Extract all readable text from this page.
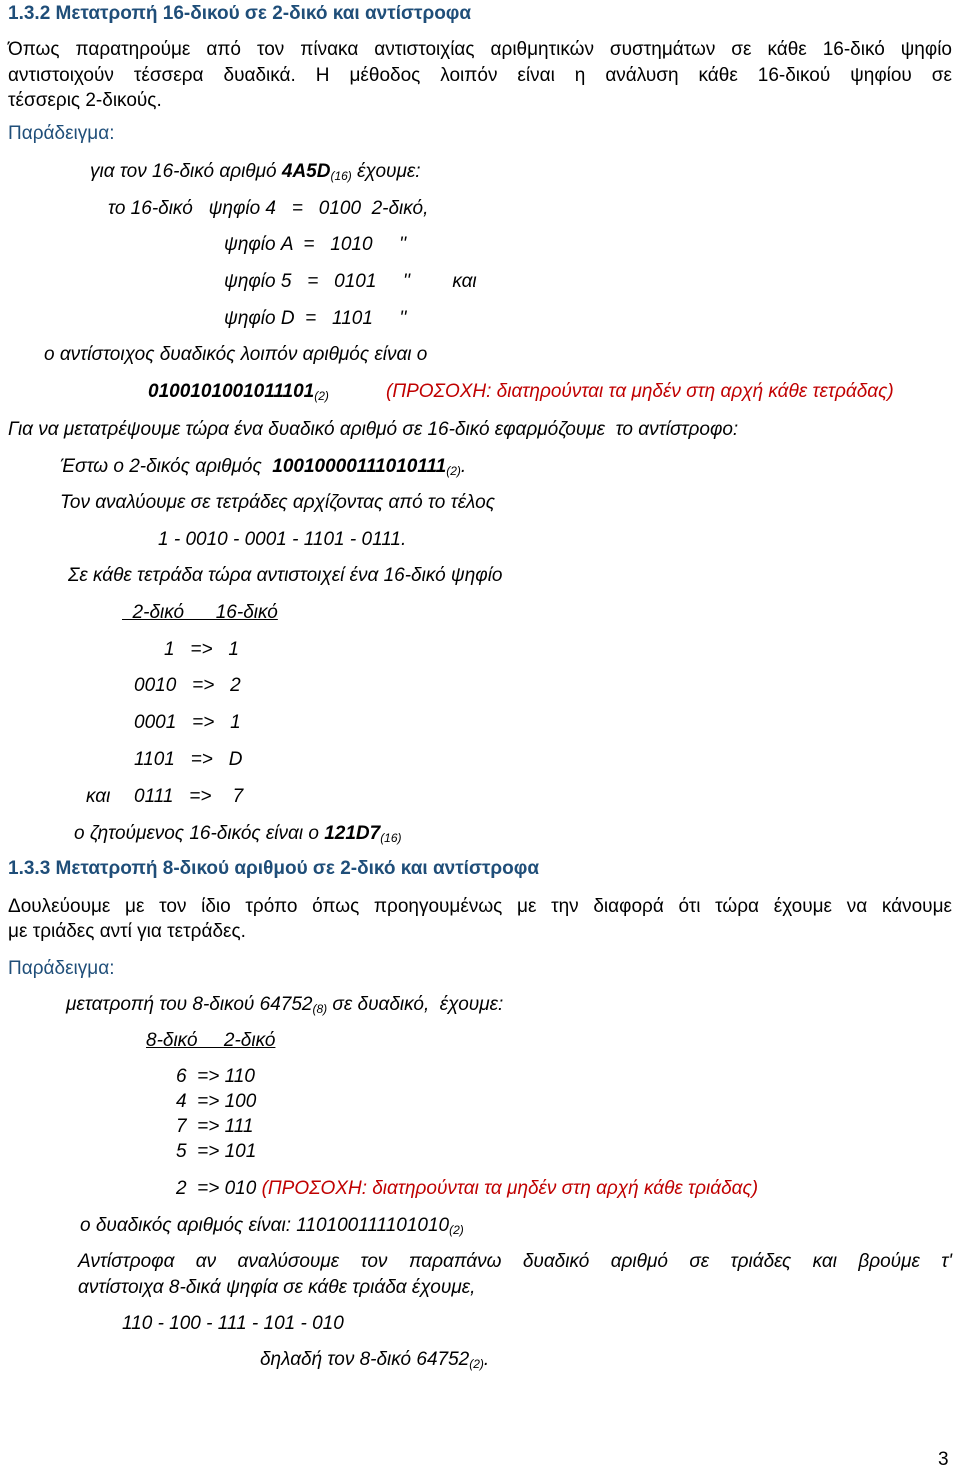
1.3.2 Μετατροπή 16-δικού σε 2-δικό και αντίστροφα
Όπως παρατηρούμε από τον πίνακα αντιστοιχίας αριθμητικών συστημάτων σε κάθε 16-δικό ψηφίο
αντιστοιχούν τέσσερα δυαδικά. Η μέθοδος λοιπόν είναι η ανάλυση κάθε 16-δικού ψηφίου σε
τέσσερις 2-δικούς.
Παράδειγμα:
για τον 16-δικό αριθμό $4A5D_{(16)}$ έχουμε:
το 16-δικό   ψηφίο 4   =   0100  2-δικό,
ψηφίο A  =   1010     ''
ψηφίο 5   =   0101     ''        και
ψηφίο D  =   1101     ''
ο αντίστοιχος δυαδικός λοιπόν αριθμός είναι ο
$0100101001011101_{(2)}$	(ΠΡΟΣΟΧΗ: διατηρούνται τα μηδέν στη αρχή κάθε τετράδας)
Για να μετατρέψουμε τώρα ένα δυαδικό αριθμό σε 16-δικό εφαρμόζουμε  το αντίστροφο:
Έστω ο 2-δικός αριθμός  $10010000111010111_{(2)}$.
Τον αναλύουμε σε τετράδες αρχίζοντας από το τέλος
1 - 0010 - 0001 - 1101 - 0111.
Σε κάθε τετράδα τώρα αντιστοιχεί ένα 16-δικό ψηφίο
2-δικό      16-δικό
1   =>   1
0010   =>   2
0001   =>   1
1101   =>   D
και 0111   =>    7
ο ζητούμενος 16-δικός είναι ο $121D7_{(16)}$
1.3.3 Μετατροπή 8-δικού αριθμού σε 2-δικό και αντίστροφα
Δουλεύουμε με τον ίδιο τρόπο όπως προηγουμένως με την διαφορά ότι τώρα έχουμε να κάνουμε
με τριάδες αντί για τετράδες.
Παράδειγμα:
μετατροπή του 8-δικού $64752_{(8)}$ σε δυαδικό,  έχουμε:
8-δικό     2-δικό
6  => 110
4  => 100
7  => 111
5  => 101
2  => 010 (ΠΡΟΣΟΧΗ: διατηρούνται τα μηδέν στη αρχή κάθε τριάδας)
ο δυαδικός αριθμός είναι: $110100111101010_{(2)}$
Αντίστροφα αν αναλύσουμε τον παραπάνω δυαδικό αριθμό σε τριάδες και βρούμε τ'
αντίστοιχα 8-δικά ψηφία σε κάθε τριάδα έχουμε,
110 - 100 - 111 - 101 - 010
δηλαδή τον 8-δικό $64752_{(2)}$.
3
